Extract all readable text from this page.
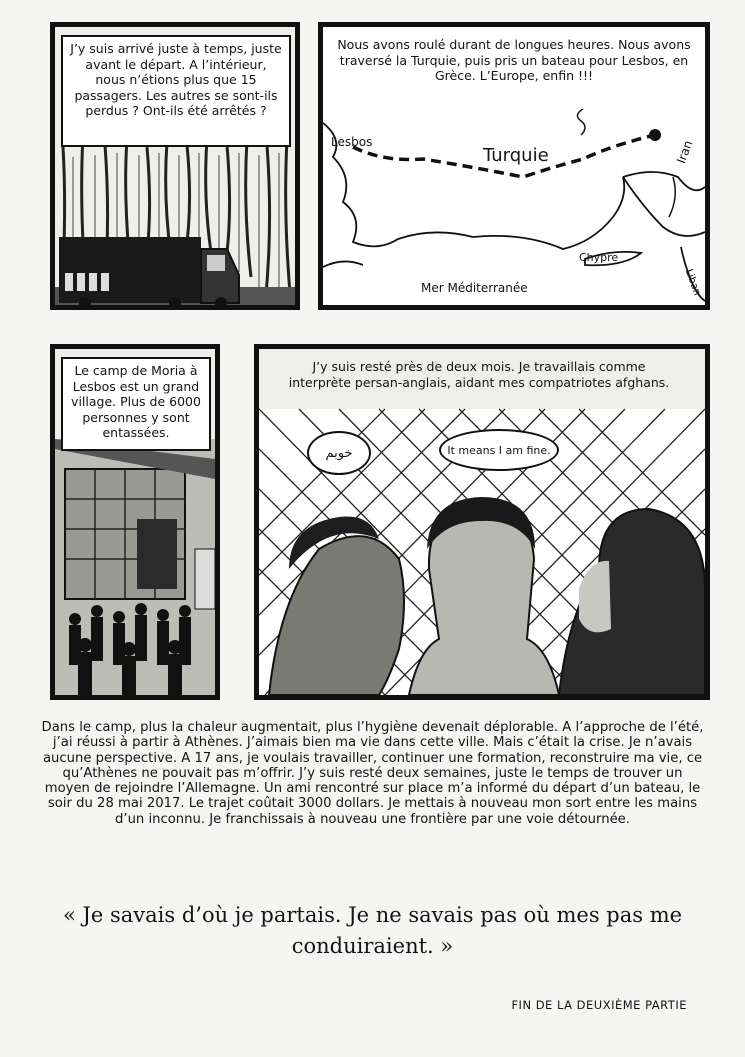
J’y suis arrivé juste à temps, juste avant le départ. A l’intérieur, nous n’étions plus que 15 passagers. Les autres se sont-ils perdus ? Ont-ils été arrêtés ?
Nous avons roulé durant de longues heures. Nous avons traversé la Turquie, puis pris un bateau pour Lesbos, en Grèce. L’Europe, enfin !!!
Lesbos
Turquie	Iran
Chypre
Mer Méditerranée	Liban
Le camp de Moria à Lesbos est un grand village. Plus de 6000 personnes y sont entassées.
J’y suis resté près de deux mois. Je travaillais comme interprète persan-anglais, aidant mes compatriotes afghans.
خوبم	It means I am fine.
Dans le camp, plus la chaleur augmentait, plus l’hygiène devenait déplorable. A l’approche de l’été, j’ai réussi à partir à Athènes. J’aimais bien ma vie dans cette ville. Mais c’était la crise. Je n’avais aucune perspective. A 17 ans, je voulais travailler, continuer une formation, reconstruire ma vie, ce qu’Athènes ne pouvait pas m’offrir. J’y suis resté deux semaines, juste le temps de trouver un moyen de rejoindre l’Allemagne. Un ami rencontré sur place m’a informé du départ d’un bateau, le soir du 28 mai 2017. Le trajet coûtait 3000 dollars. Je mettais à nouveau mon sort entre les mains d’un inconnu. Je franchissais à nouveau une frontière par une voie détournée.
« Je savais d’où je partais. Je ne savais pas où mes pas me conduiraient. »
FIN DE LA DEUXIÈME PARTIE
